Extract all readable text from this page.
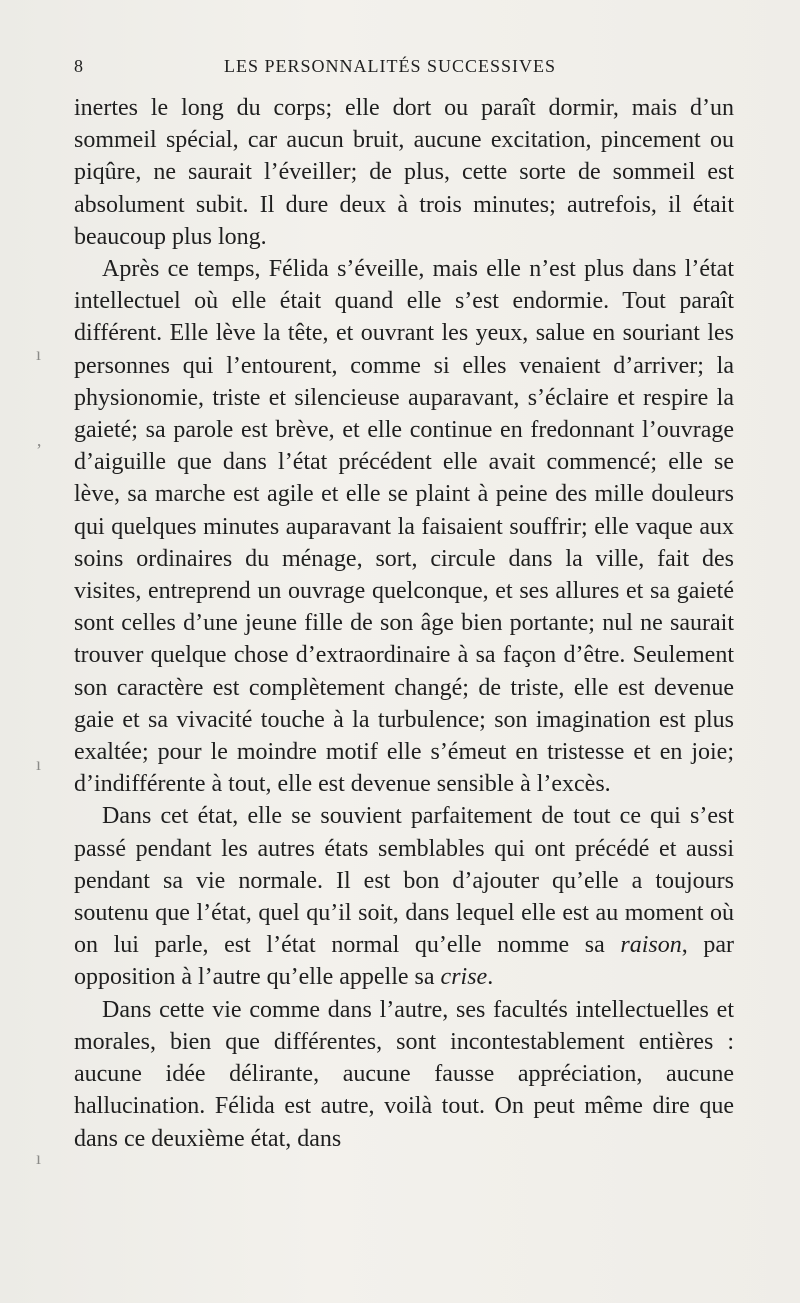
8	LES PERSONNALITÉS SUCCESSIVES

inertes le long du corps; elle dort ou paraît dormir, mais d’un sommeil spécial, car aucun bruit, aucune excitation, pincement ou piqûre, ne saurait l’éveiller; de plus, cette sorte de sommeil est absolument subit. Il dure deux à trois minutes; autrefois, il était beaucoup plus long.

Après ce temps, Félida s’éveille, mais elle n’est plus dans l’état intellectuel où elle était quand elle s’est endormie. Tout paraît différent. Elle lève la tête, et ouvrant les yeux, salue en souriant les personnes qui l’entourent, comme si elles venaient d’arriver; la physionomie, triste et silencieuse auparavant, s’éclaire et respire la gaieté; sa parole est brève, et elle continue en fredonnant l’ouvrage d’aiguille que dans l’état précédent elle avait commencé; elle se lève, sa marche est agile et elle se plaint à peine des mille douleurs qui quelques minutes auparavant la faisaient souffrir; elle vaque aux soins ordinaires du ménage, sort, circule dans la ville, fait des visites, entreprend un ouvrage quelconque, et ses allures et sa gaieté sont celles d’une jeune fille de son âge bien portante; nul ne saurait trouver quelque chose d’extraordinaire à sa façon d’être. Seulement son caractère est complètement changé; de triste, elle est devenue gaie et sa vivacité touche à la turbulence; son imagination est plus exaltée; pour le moindre motif elle s’émeut en tristesse et en joie; d’indifférente à tout, elle est devenue sensible à l’excès.

Dans cet état, elle se souvient parfaitement de tout ce qui s’est passé pendant les autres états semblables qui ont précédé et aussi pendant sa vie normale. Il est bon d’ajouter qu’elle a toujours soutenu que l’état, quel qu’il soit, dans lequel elle est au moment où on lui parle, est l’état normal qu’elle nomme sa raison, par opposition à l’autre qu’elle appelle sa crise.

Dans cette vie comme dans l’autre, ses facultés intellectuelles et morales, bien que différentes, sont incontestablement entières : aucune idée délirante, aucune fausse appréciation, aucune hallucination. Félida est autre, voilà tout. On peut même dire que dans ce deuxième état, dans

ı
ʼ
ı
ı
